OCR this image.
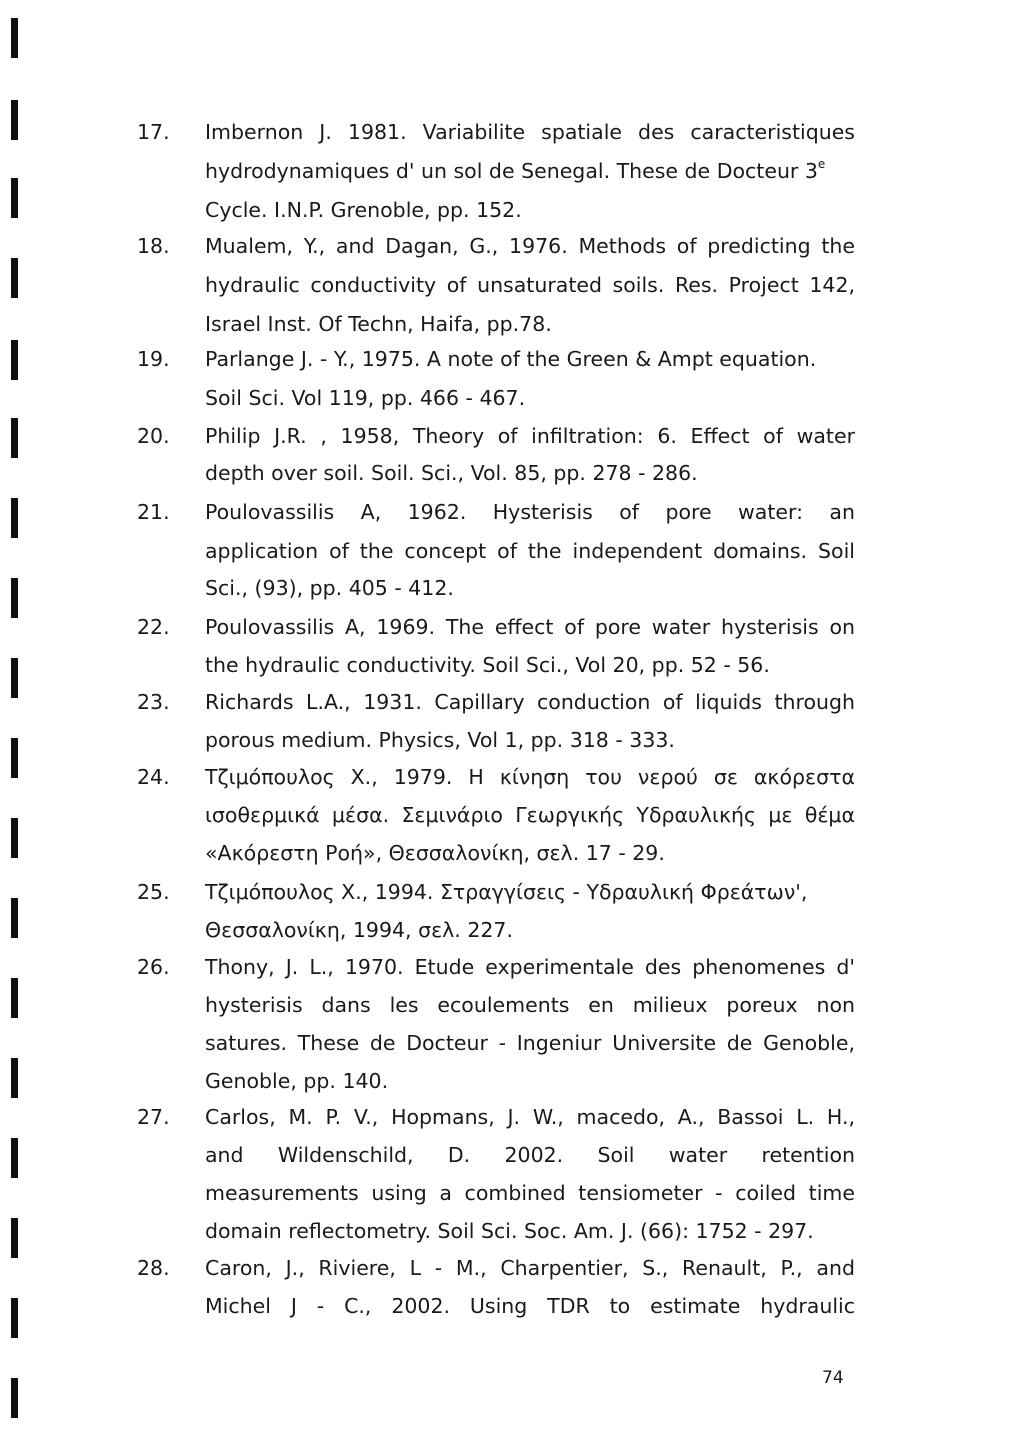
17. Imbernon J. 1981. Variabilite spatiale des caracteristiques
hydrodynamiques d' un sol de Senegal. These de Docteur 3e
Cycle. I.N.P. Grenoble, pp. 152.
18. Mualem, Y., and Dagan, G., 1976. Methods of predicting the
hydraulic conductivity of unsaturated soils. Res. Project 142,
Israel Inst. Of Techn, Haifa, pp.78.
19. Parlange J. - Y., 1975. A note of the Green & Ampt equation.
Soil Sci. Vol 119, pp. 466 - 467.
20. Philip J.R. , 1958, Theory of infiltration: 6. Effect of water
depth over soil. Soil. Sci., Vol. 85, pp. 278 - 286.
21. Poulovassilis A, 1962. Hysterisis of pore water: an
application of the concept of the independent domains. Soil
Sci., (93), pp. 405 - 412.
22. Poulovassilis A, 1969. The effect of pore water hysterisis on
the hydraulic conductivity. Soil Sci., Vol 20, pp. 52 - 56.
23. Richards L.A., 1931. Capillary conduction of liquids through
porous medium. Physics, Vol 1, pp. 318 - 333.
24. Τζιμόπουλος Χ., 1979. Η κίνηση του νερού σε ακόρεστα
ισοθερμικά μέσα. Σεμινάριο Γεωργικής Υδραυλικής με θέμα
«Ακόρεστη Ροή», Θεσσαλονίκη, σελ. 17 - 29.
25. Τζιμόπουλος Χ., 1994. Στραγγίσεις - Υδραυλική Φρεάτων',
Θεσσαλονίκη, 1994, σελ. 227.
26. Thony, J. L., 1970. Etude experimentale des phenomenes d'
hysterisis dans les ecoulements en milieux poreux non
satures. These de Docteur - Ingeniur Universite de Genoble,
Genoble, pp. 140.
27. Carlos, M. P. V., Hopmans, J. W., macedo, A., Bassoi L. H.,
and Wildenschild, D. 2002. Soil water retention
measurements using a combined tensiometer - coiled time
domain reflectometry. Soil Sci. Soc. Am. J. (66): 1752 - 297.
28. Caron, J., Riviere, L - M., Charpentier, S., Renault, P., and
Michel J - C., 2002. Using TDR to estimate hydraulic
74
